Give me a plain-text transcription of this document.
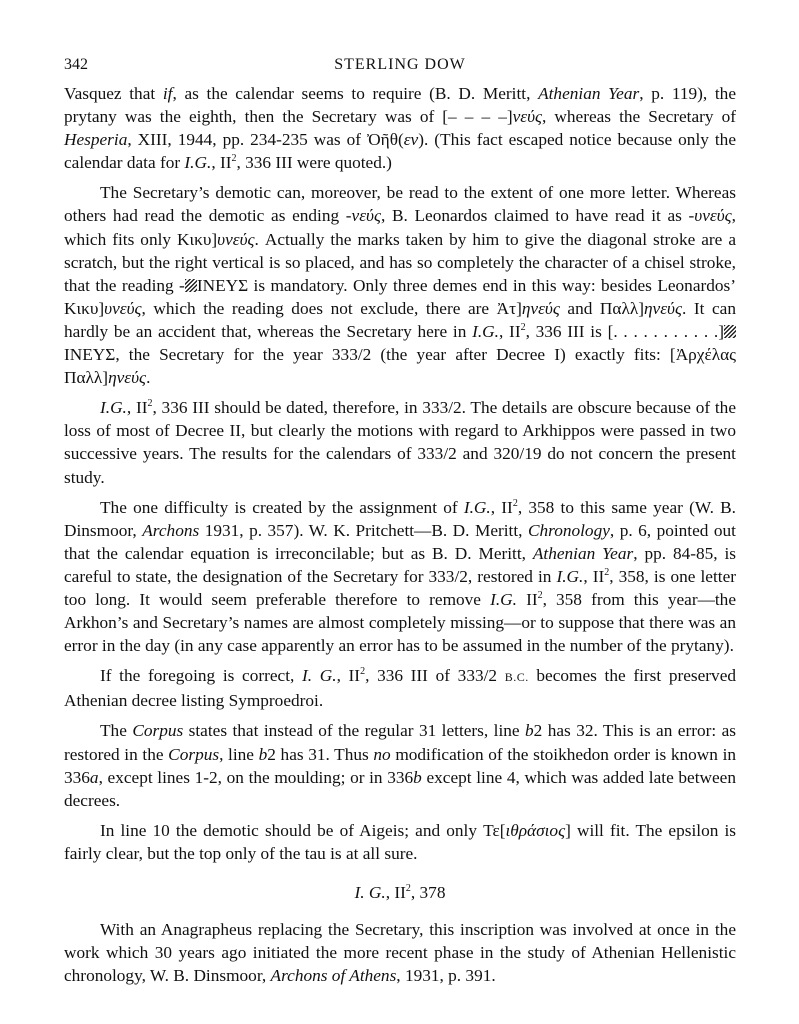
342	STERLING DOW

Vasquez that if, as the calendar seems to require (B. D. Meritt, Athenian Year, p. 119), the prytany was the eighth, then the Secretary was of [– – – –]νεύς, whereas the Secretary of Hesperia, XIII, 1944, pp. 234-235 was of Ὀῆθ(εν). (This fact escaped notice because only the calendar data for I.G., $II^2$, 336 III were quoted.)

The Secretary’s demotic can, moreover, be read to the extent of one more letter. Whereas others had read the demotic as ending -νεύς, B. Leonardos claimed to have read it as -υνεύς, which fits only Κικυ]υνεύς. Actually the marks taken by him to give the diagonal stroke are a scratch, but the right vertical is so placed, and has so completely the character of a chisel stroke, that the reading - INEYΣ is mandatory. Only three demes end in this way: besides Leonardos’ Κικυ]υνεύς, which the reading does not exclude, there are Ἀτ]ηνεύς and Παλλ]ηνεύς. It can hardly be an accident that, whereas the Secretary here in I.G., $II^2$, 336 III is [. . . . . . . . . . .]INEYΣ, the Secretary for the year 333/2 (the year after Decree I) exactly fits: [Ἀρχέλας Παλλ]ηνεύς.

I.G., $II^2$, 336 III should be dated, therefore, in 333/2. The details are obscure because of the loss of most of Decree II, but clearly the motions with regard to Arkhippos were passed in two successive years. The results for the calendars of 333/2 and 320/19 do not concern the present study.

The one difficulty is created by the assignment of I.G., $II^2$, 358 to this same year (W. B. Dinsmoor, Archons 1931, p. 357). W. K. Pritchett—B. D. Meritt, Chronology, p. 6, pointed out that the calendar equation is irreconcilable; but as B. D. Meritt, Athenian Year, pp. 84-85, is careful to state, the designation of the Secretary for 333/2, restored in I.G., $II^2$, 358, is one letter too long. It would seem preferable therefore to remove I.G. $II^2$, 358 from this year—the Arkhon’s and Secretary’s names are almost completely missing—or to suppose that there was an error in the day (in any case apparently an error has to be assumed in the number of the prytany).

If the foregoing is correct, I. G., $II^2$, 336 III of 333/2 B.C. becomes the first preserved Athenian decree listing Symproedroi.

The Corpus states that instead of the regular 31 letters, line b2 has 32. This is an error: as restored in the Corpus, line b2 has 31. Thus no modification of the stoikhedon order is known in 336a, except lines 1-2, on the moulding; or in 336b except line 4, which was added late between decrees.

In line 10 the demotic should be of Aigeis; and only Τε[ιθράσιος] will fit. The epsilon is fairly clear, but the top only of the tau is at all sure.

I. G., $II^2$, 378

With an Anagrapheus replacing the Secretary, this inscription was involved at once in the work which 30 years ago initiated the more recent phase in the study of Athenian Hellenistic chronology, W. B. Dinsmoor, Archons of Athens, 1931, p. 391.
